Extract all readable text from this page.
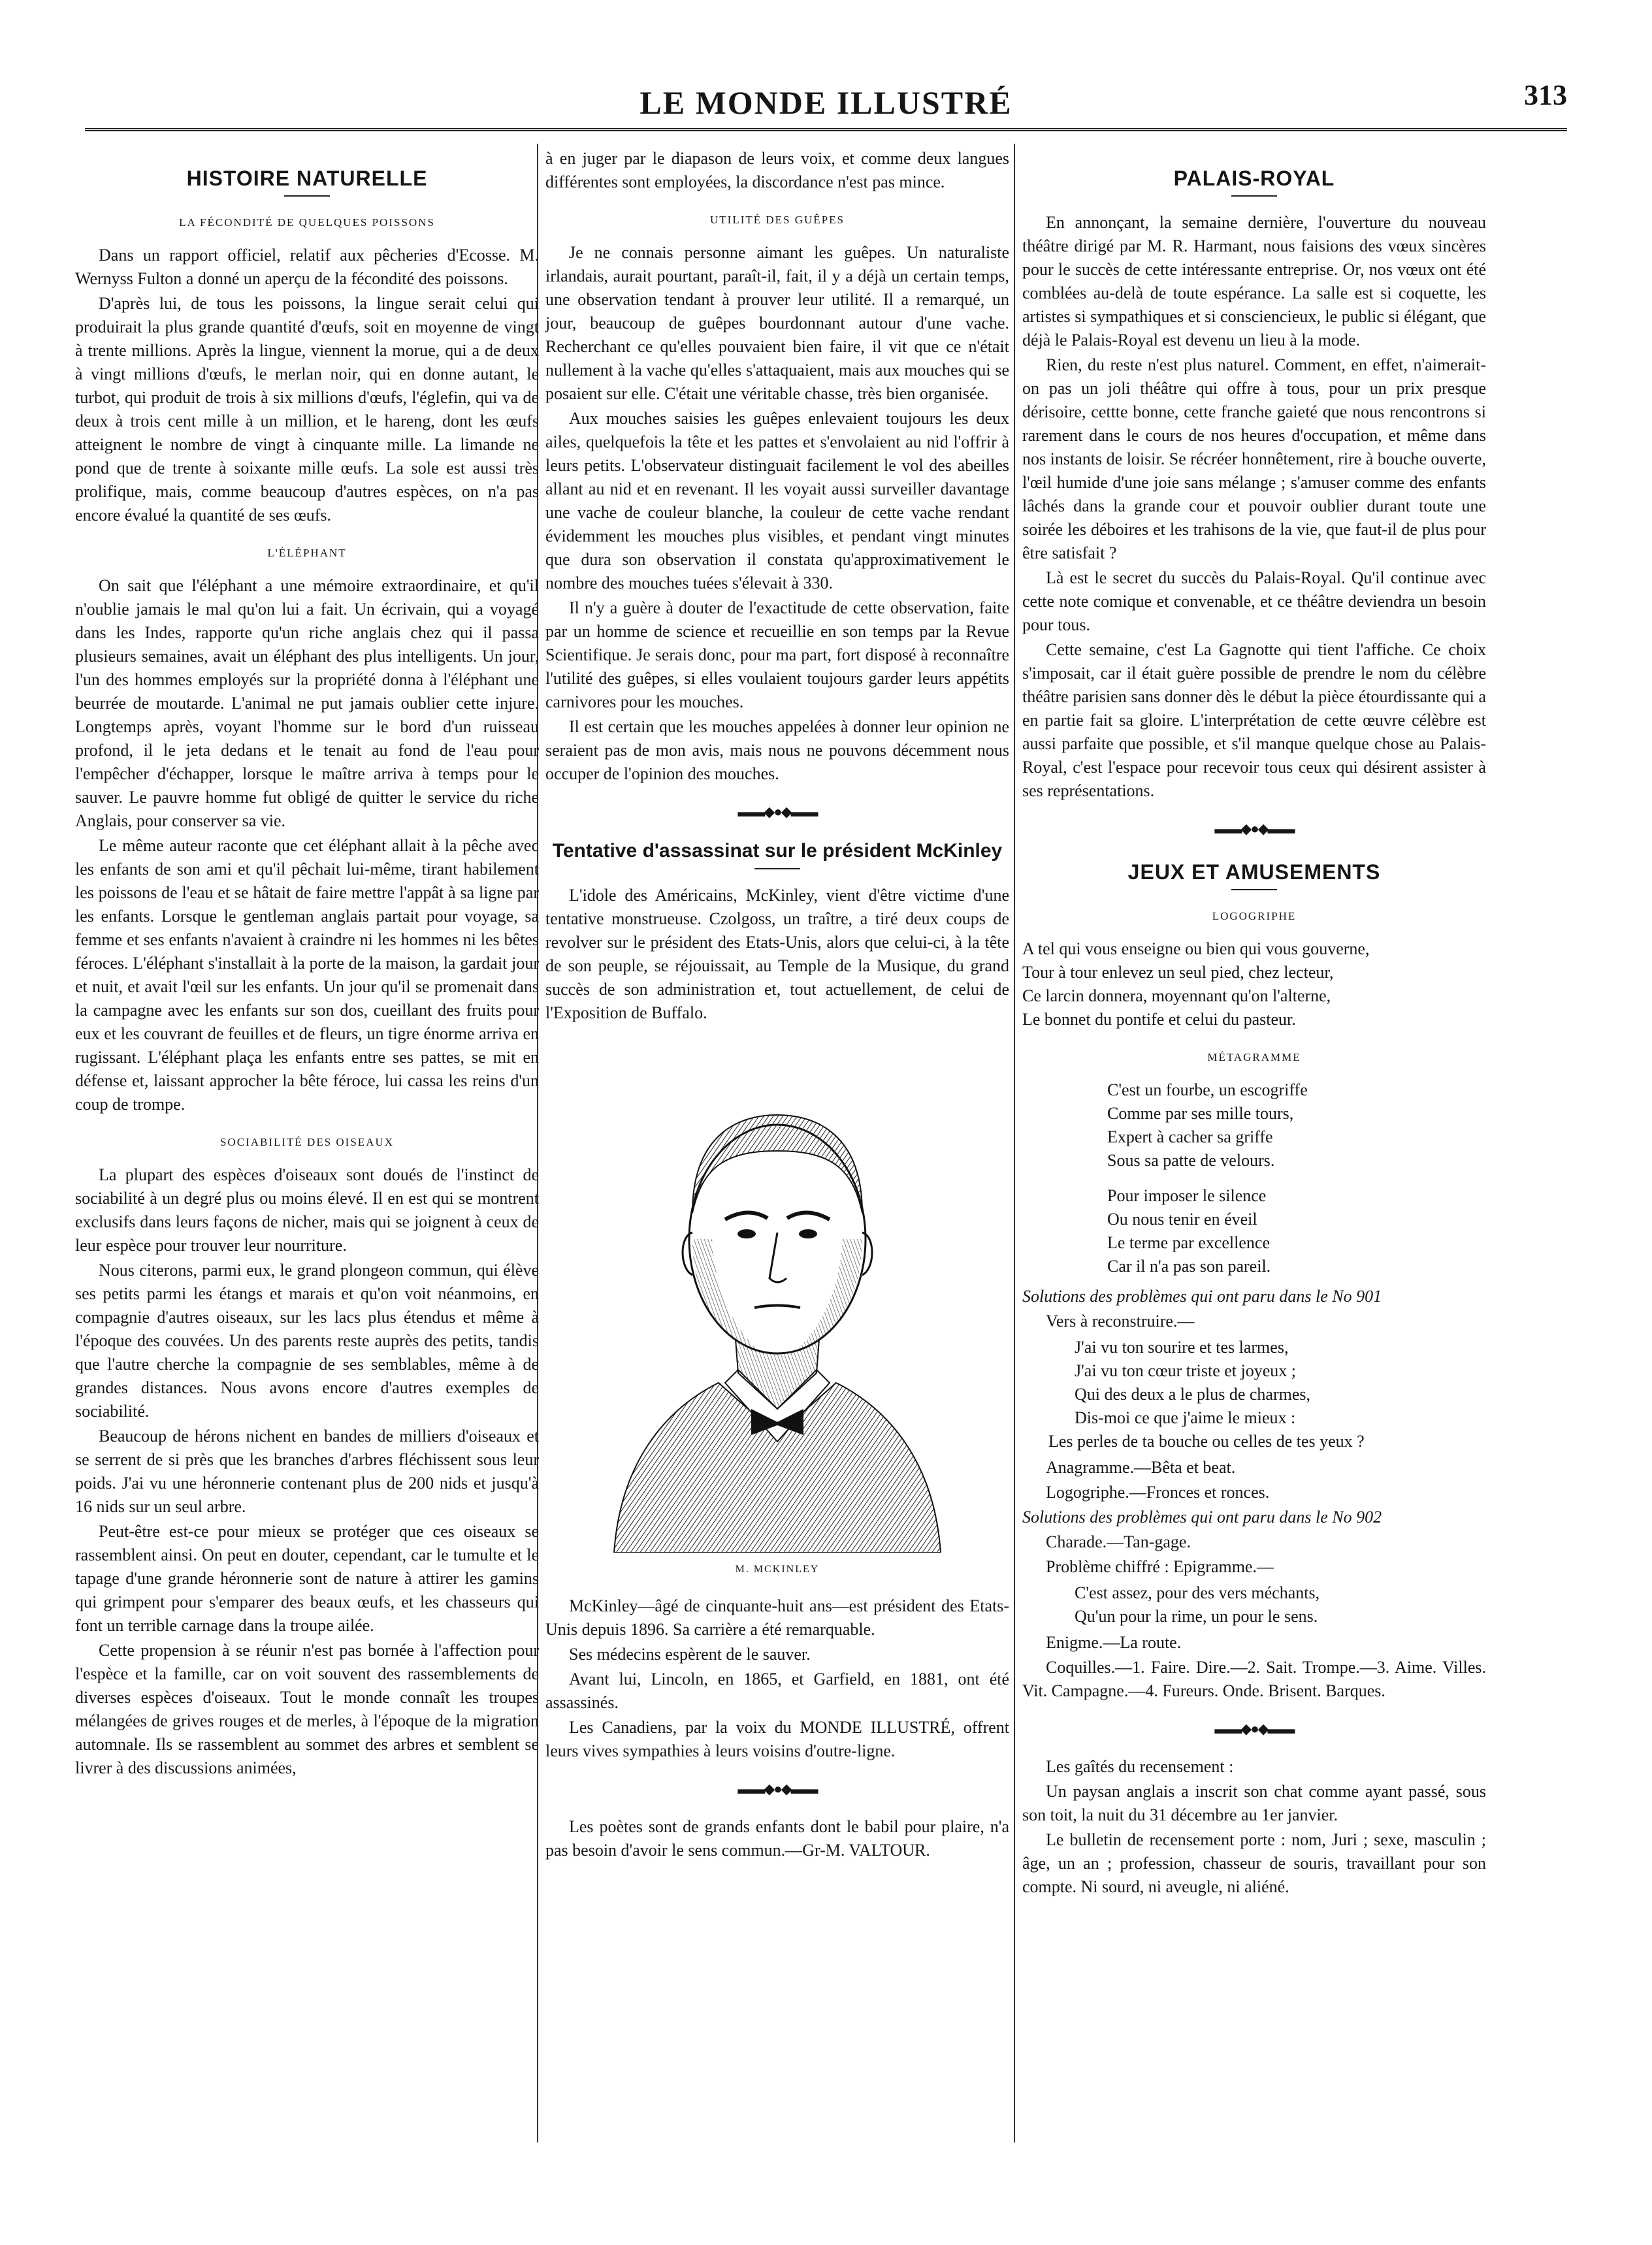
LE MONDE ILLUSTRÉ	313
HISTOIRE NATURELLE
LA FÉCONDITÉ DE QUELQUES POISSONS

Dans un rapport officiel, relatif aux pêcheries d'Ecosse. M. Wernyss Fulton a donné un aperçu de la fécondité des poissons.

D'après lui, de tous les poissons, la lingue serait celui qui produirait la plus grande quantité d'œufs, soit en moyenne de vingt à trente millions. Après la lingue, viennent la morue, qui a de deux à vingt millions d'œufs, le merlan noir, qui en donne autant, le turbot, qui produit de trois à six millions d'œufs, l'églefin, qui va de deux à trois cent mille à un million, et le hareng, dont les œufs atteignent le nombre de vingt à cinquante mille. La limande ne pond que de trente à soixante mille œufs. La sole est aussi très prolifique, mais, comme beaucoup d'autres espèces, on n'a pas encore évalué la quantité de ses œufs.

L'ÉLÉPHANT

On sait que l'éléphant a une mémoire extraordinaire, et qu'il n'oublie jamais le mal qu'on lui a fait. Un écrivain, qui a voyagé dans les Indes, rapporte qu'un riche anglais chez qui il passa plusieurs semaines, avait un éléphant des plus intelligents. Un jour, l'un des hommes employés sur la propriété donna à l'éléphant une beurrée de moutarde. L'animal ne put jamais oublier cette injure. Longtemps après, voyant l'homme sur le bord d'un ruisseau profond, il le jeta dedans et le tenait au fond de l'eau pour l'empêcher d'échapper, lorsque le maître arriva à temps pour le sauver. Le pauvre homme fut obligé de quitter le service du riche Anglais, pour conserver sa vie.

Le même auteur raconte que cet éléphant allait à la pêche avec les enfants de son ami et qu'il pêchait lui-même, tirant habilement les poissons de l'eau et se hâtait de faire mettre l'appât à sa ligne par les enfants. Lorsque le gentleman anglais partait pour voyage, sa femme et ses enfants n'avaient à craindre ni les hommes ni les bêtes féroces. L'éléphant s'installait à la porte de la maison, la gardait jour et nuit, et avait l'œil sur les enfants. Un jour qu'il se promenait dans la campagne avec les enfants sur son dos, cueillant des fruits pour eux et les couvrant de feuilles et de fleurs, un tigre énorme arriva en rugissant. L'éléphant plaça les enfants entre ses pattes, se mit en défense et, laissant approcher la bête féroce, lui cassa les reins d'un coup de trompe.

SOCIABILITÉ DES OISEAUX

La plupart des espèces d'oiseaux sont doués de l'instinct de sociabilité à un degré plus ou moins élevé. Il en est qui se montrent exclusifs dans leurs façons de nicher, mais qui se joignent à ceux de leur espèce pour trouver leur nourriture.

Nous citerons, parmi eux, le grand plongeon commun, qui élève ses petits parmi les étangs et marais et qu'on voit néanmoins, en compagnie d'autres oiseaux, sur les lacs plus étendus et même à l'époque des couvées. Un des parents reste auprès des petits, tandis que l'autre cherche la compagnie de ses semblables, même à de grandes distances. Nous avons encore d'autres exemples de sociabilité.

Beaucoup de hérons nichent en bandes de milliers d'oiseaux et se serrent de si près que les branches d'arbres fléchissent sous leur poids. J'ai vu une héronnerie contenant plus de 200 nids et jusqu'à 16 nids sur un seul arbre.

Peut-être est-ce pour mieux se protéger que ces oiseaux se rassemblent ainsi. On peut en douter, cependant, car le tumulte et le tapage d'une grande héronnerie sont de nature à attirer les gamins qui grimpent pour s'emparer des beaux œufs, et les chasseurs qui font un terrible carnage dans la troupe ailée.

Cette propension à se réunir n'est pas bornée à l'affection pour l'espèce et la famille, car on voit souvent des rassemblements de diverses espèces d'oiseaux. Tout le monde connaît les troupes mélangées de grives rouges et de merles, à l'époque de la migration automnale. Ils se rassemblent au sommet des arbres et semblent se livrer à des discussions animées,

à en juger par le diapason de leurs voix, et comme deux langues différentes sont employées, la discordance n'est pas mince.

UTILITÉ DES GUÊPES

Je ne connais personne aimant les guêpes. Un naturaliste irlandais, aurait pourtant, paraît-il, fait, il y a déjà un certain temps, une observation tendant à prouver leur utilité. Il a remarqué, un jour, beaucoup de guêpes bourdonnant autour d'une vache. Recherchant ce qu'elles pouvaient bien faire, il vit que ce n'était nullement à la vache qu'elles s'attaquaient, mais aux mouches qui se posaient sur elle. C'était une véritable chasse, très bien organisée.

Aux mouches saisies les guêpes enlevaient toujours les deux ailes, quelquefois la tête et les pattes et s'envolaient au nid l'offrir à leurs petits. L'observateur distinguait facilement le vol des abeilles allant au nid et en revenant. Il les voyait aussi surveiller davantage une vache de couleur blanche, la couleur de cette vache rendant évidemment les mouches plus visibles, et pendant vingt minutes que dura son observation il constata qu'approximativement le nombre des mouches tuées s'élevait à 330.

Il n'y a guère à douter de l'exactitude de cette observation, faite par un homme de science et recueillie en son temps par la Revue Scientifique. Je serais donc, pour ma part, fort disposé à reconnaître l'utilité des guêpes, si elles voulaient toujours garder leurs appétits carnivores pour les mouches.

Il est certain que les mouches appelées à donner leur opinion ne seraient pas de mon avis, mais nous ne pouvons décemment nous occuper de l'opinion des mouches.

▬▬◆●◆▬▬
Tentative d'assassinat sur le président McKinley

L'idole des Américains, McKinley, vient d'être victime d'une tentative monstrueuse. Czolgoss, un traître, a tiré deux coups de revolver sur le président des Etats-Unis, alors que celui-ci, à la tête de son peuple, se réjouissait, au Temple de la Musique, du grand succès de son administration et, tout actuellement, de celui de l'Exposition de Buffalo.

M. MCKINLEY

McKinley—âgé de cinquante-huit ans—est président des Etats-Unis depuis 1896. Sa carrière a été remarquable.

Ses médecins espèrent de le sauver.

Avant lui, Lincoln, en 1865, et Garfield, en 1881, ont été assassinés.

Les Canadiens, par la voix du MONDE ILLUSTRÉ, offrent leurs vives sympathies à leurs voisins d'outre-ligne.

▬▬◆●◆▬▬

Les poètes sont de grands enfants dont le babil pour plaire, n'a pas besoin d'avoir le sens commun.—Gr-M. VALTOUR.

PALAIS-ROYAL

En annonçant, la semaine dernière, l'ouverture du nouveau théâtre dirigé par M. R. Harmant, nous faisions des vœux sincères pour le succès de cette intéressante entreprise. Or, nos vœux ont été comblées au-delà de toute espérance. La salle est si coquette, les artistes si sympathiques et si consciencieux, le public si élégant, que déjà le Palais-Royal est devenu un lieu à la mode.

Rien, du reste n'est plus naturel. Comment, en effet, n'aimerait-on pas un joli théâtre qui offre à tous, pour un prix presque dérisoire, cettte bonne, cette franche gaieté que nous rencontrons si rarement dans le cours de nos heures d'occupation, et même dans nos instants de loisir. Se récréer honnêtement, rire à bouche ouverte, l'œil humide d'une joie sans mélange ; s'amuser comme des enfants lâchés dans la grande cour et pouvoir oublier durant toute une soirée les déboires et les trahisons de la vie, que faut-il de plus pour être satisfait ?

Là est le secret du succès du Palais-Royal. Qu'il continue avec cette note comique et convenable, et ce théâtre deviendra un besoin pour tous.

Cette semaine, c'est La Gagnotte qui tient l'affiche. Ce choix s'imposait, car il était guère possible de prendre le nom du célèbre théâtre parisien sans donner dès le début la pièce étourdissante qui a en partie fait sa gloire. L'interprétation de cette œuvre célèbre est aussi parfaite que possible, et s'il manque quelque chose au Palais-Royal, c'est l'espace pour recevoir tous ceux qui désirent assister à ses représentations.

▬▬◆●◆▬▬
JEUX ET AMUSEMENTS
LOGOGRIPHE
A tel qui vous enseigne ou bien qui vous gouverne,
Tour à tour enlevez un seul pied, chez lecteur,
Ce larcin donnera, moyennant qu'on l'alterne,
Le bonnet du pontife et celui du pasteur.
MÉTAGRAMME
C'est un fourbe, un escogriffe
Comme par ses mille tours,
Expert à cacher sa griffe
Sous sa patte de velours.
Pour imposer le silence
Ou nous tenir en éveil
Le terme par excellence
Car il n'a pas son pareil.

Solutions des problèmes qui ont paru dans le No 901

Vers à reconstruire.—

J'ai vu ton sourire et tes larmes,
J'ai vu ton cœur triste et joyeux ;
Qui des deux a le plus de charmes,
Dis-moi ce que j'aime le mieux :
Les perles de ta bouche ou celles de tes yeux ?

Anagramme.—Bêta et beat.

Logogriphe.—Fronces et ronces.

Solutions des problèmes qui ont paru dans le No 902

Charade.—Tan-gage.

Problème chiffré : Epigramme.—

C'est assez, pour des vers méchants,
Qu'un pour la rime, un pour le sens.

Enigme.—La route.

Coquilles.—1. Faire. Dire.—2. Sait. Trompe.—3. Aime. Villes. Vit. Campagne.—4. Fureurs. Onde. Brisent. Barques.

▬▬◆●◆▬▬

Les gaîtés du recensement :

Un paysan anglais a inscrit son chat comme ayant passé, sous son toit, la nuit du 31 décembre au 1er janvier.

Le bulletin de recensement porte : nom, Juri ; sexe, masculin ; âge, un an ; profession, chasseur de souris, travaillant pour son compte. Ni sourd, ni aveugle, ni aliéné.
